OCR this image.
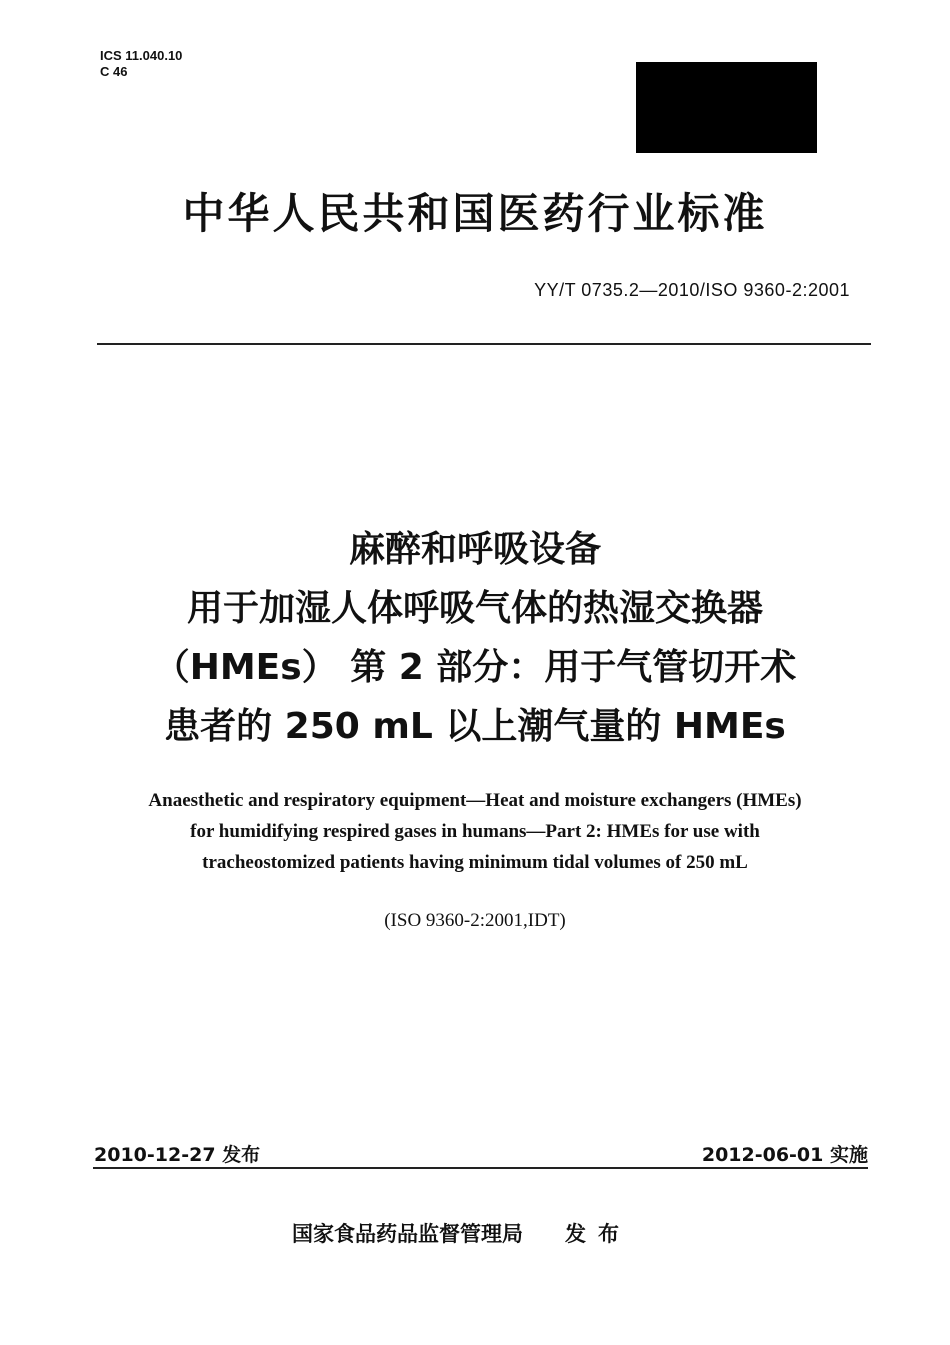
ICS 11.040.10
C 46
中华人民共和国医药行业标准
YY/T 0735.2—2010/ISO 9360-2:2001
麻醉和呼吸设备
用于加湿人体呼吸气体的热湿交换器
（HMEs） 第 2 部分：用于气管切开术
患者的 250 mL 以上潮气量的 HMEs
Anaesthetic and respiratory equipment—Heat and moisture exchangers (HMEs)
for humidifying respired gases in humans—Part 2: HMEs for use with
tracheostomized patients having minimum tidal volumes of 250 mL
(ISO 9360-2:2001,IDT)
2010-12-27 发布	2012-06-01 实施
国家食品药品监督管理局 发布
